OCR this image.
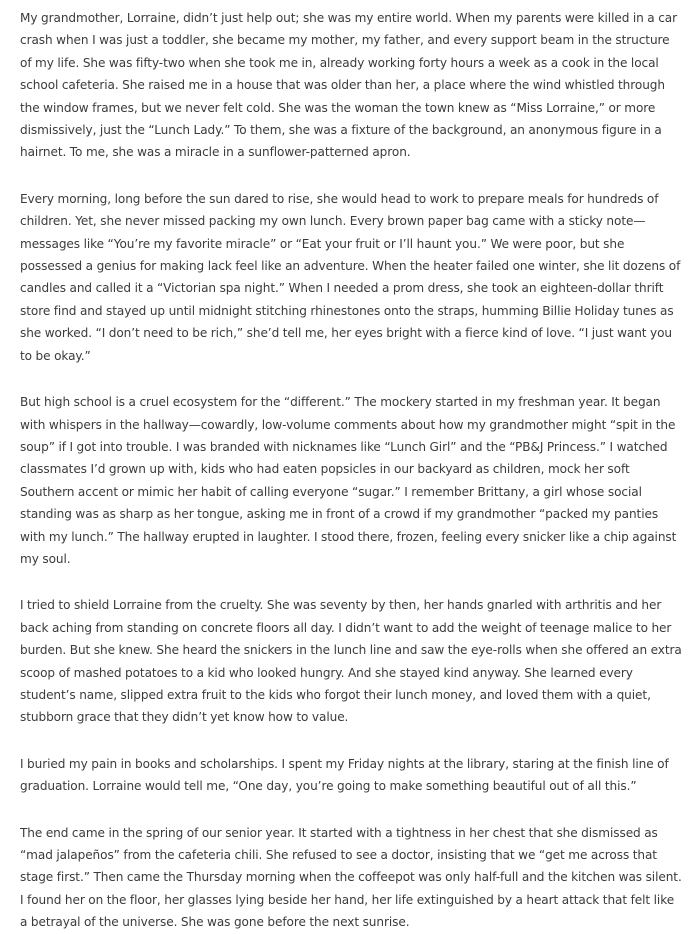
My grandmother, Lorraine, didn’t just help out; she was my entire world. When my parents were killed in a car crash when I was just a toddler, she became my mother, my father, and every support beam in the structure of my life. She was fifty-two when she took me in, already working forty hours a week as a cook in the local school cafeteria. She raised me in a house that was older than her, a place where the wind whistled through the window frames, but we never felt cold. She was the woman the town knew as “Miss Lorraine,” or more dismissively, just the “Lunch Lady.” To them, she was a fixture of the background, an anonymous figure in a hairnet. To me, she was a miracle in a sunflower-patterned apron.

Every morning, long before the sun dared to rise, she would head to work to prepare meals for hundreds of children. Yet, she never missed packing my own lunch. Every brown paper bag came with a sticky note—messages like “You’re my favorite miracle” or “Eat your fruit or I’ll haunt you.” We were poor, but she possessed a genius for making lack feel like an adventure. When the heater failed one winter, she lit dozens of candles and called it a “Victorian spa night.” When I needed a prom dress, she took an eighteen-dollar thrift store find and stayed up until midnight stitching rhinestones onto the straps, humming Billie Holiday tunes as she worked. “I don’t need to be rich,” she’d tell me, her eyes bright with a fierce kind of love. “I just want you to be okay.”

But high school is a cruel ecosystem for the “different.” The mockery started in my freshman year. It began with whispers in the hallway—cowardly, low-volume comments about how my grandmother might “spit in the soup” if I got into trouble. I was branded with nicknames like “Lunch Girl” and the “PB&J Princess.” I watched classmates I’d grown up with, kids who had eaten popsicles in our backyard as children, mock her soft Southern accent or mimic her habit of calling everyone “sugar.” I remember Brittany, a girl whose social standing was as sharp as her tongue, asking me in front of a crowd if my grandmother “packed my panties with my lunch.” The hallway erupted in laughter. I stood there, frozen, feeling every snicker like a chip against my soul.

I tried to shield Lorraine from the cruelty. She was seventy by then, her hands gnarled with arthritis and her back aching from standing on concrete floors all day. I didn’t want to add the weight of teenage malice to her burden. But she knew. She heard the snickers in the lunch line and saw the eye-rolls when she offered an extra scoop of mashed potatoes to a kid who looked hungry. And she stayed kind anyway. She learned every student’s name, slipped extra fruit to the kids who forgot their lunch money, and loved them with a quiet, stubborn grace that they didn’t yet know how to value.

I buried my pain in books and scholarships. I spent my Friday nights at the library, staring at the finish line of graduation. Lorraine would tell me, “One day, you’re going to make something beautiful out of all this.”

The end came in the spring of our senior year. It started with a tightness in her chest that she dismissed as “mad jalapeños” from the cafeteria chili. She refused to see a doctor, insisting that we “get me across that stage first.” Then came the Thursday morning when the coffeepot was only half-full and the kitchen was silent. I found her on the floor, her glasses lying beside her hand, her life extinguished by a heart attack that felt like a betrayal of the universe. She was gone before the next sunrise.
